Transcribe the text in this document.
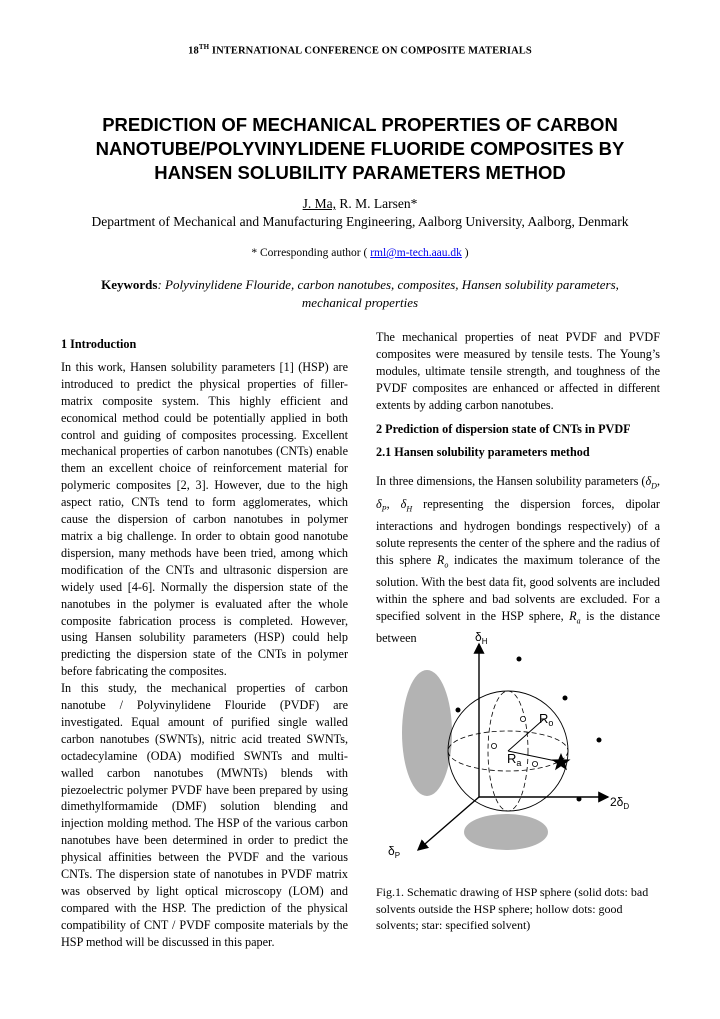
18TH INTERNATIONAL CONFERENCE ON COMPOSITE MATERIALS
PREDICTION OF MECHANICAL PROPERTIES OF CARBON
NANOTUBE/POLYVINYLIDENE FLUORIDE COMPOSITES BY
HANSEN SOLUBILITY PARAMETERS METHOD
J. Ma, R. M. Larsen*
Department of Mechanical and Manufacturing Engineering, Aalborg University, Aalborg, Denmark
* Corresponding author ( rml@m-tech.aau.dk )
Keywords: Polyvinylidene Flouride, carbon nanotubes, composites, Hansen solubility parameters, mechanical properties
1 Introduction

In this work, Hansen solubility parameters [1] (HSP) are introduced to predict the physical properties of filler-matrix composite system. This highly efficient and economical method could be potentially applied in both control and guiding of composites processing. Excellent mechanical properties of carbon nanotubes (CNTs) enable them an excellent choice of reinforcement material for polymeric composites [2, 3]. However, due to the high aspect ratio, CNTs tend to form agglomerates, which cause the dispersion of carbon nanotubes in polymer matrix a big challenge. In order to obtain good nanotube dispersion, many methods have been tried, among which modification of the CNTs and ultrasonic dispersion are widely used [4-6]. Normally the dispersion state of the nanotubes in the polymer is evaluated after the whole composite fabrication process is completed. However, using Hansen solubility parameters (HSP) could help predicting the dispersion state of the CNTs in polymer before fabricating the composites.

In this study, the mechanical properties of carbon nanotube / Polyvinylidene Flouride (PVDF) are investigated. Equal amount of purified single walled carbon nanotubes (SWNTs), nitric acid treated SWNTs, octadecylamine (ODA) modified SWNTs and multi-walled carbon nanotubes (MWNTs) blends with piezoelectric polymer PVDF have been prepared by using dimethylformamide (DMF) solution blending and injection molding method. The HSP of the various carbon nanotubes have been determined in order to predict the physical affinities between the PVDF and the various CNTs. The dispersion state of nanotubes in PVDF matrix was observed by light optical microscopy (LOM) and compared with the HSP. The prediction of the physical compatibility of CNT / PVDF composite materials by the HSP method will be discussed in this paper.

The mechanical properties of neat PVDF and PVDF composites were measured by tensile tests. The Young’s modules, ultimate tensile strength, and toughness of the PVDF composites are enhanced or affected in different extents by adding carbon nanotubes.

2 Prediction of dispersion state of CNTs in PVDF
2.1 Hansen solubility parameters method

In three dimensions, the Hansen solubility parameters ($\delta_D$, $\delta_P$, $\delta_H$ representing the dispersion forces, dipolar interactions and hydrogen bondings respectively) of a solute represents the center of the sphere and the radius of this sphere $R_o$ indicates the maximum tolerance of the solution. With the best data fit, good solvents are included within the sphere and bad solvents are excluded. For a specified solvent in the HSP sphere, $R_a$ is the distance between	$\delta_H$
$2\delta_D$
$\delta_P$
$R_o$
$R_a$
Fig.1. Schematic drawing of HSP sphere (solid dots: bad solvents outside the HSP sphere; hollow dots: good solvents; star: specified solvent)
